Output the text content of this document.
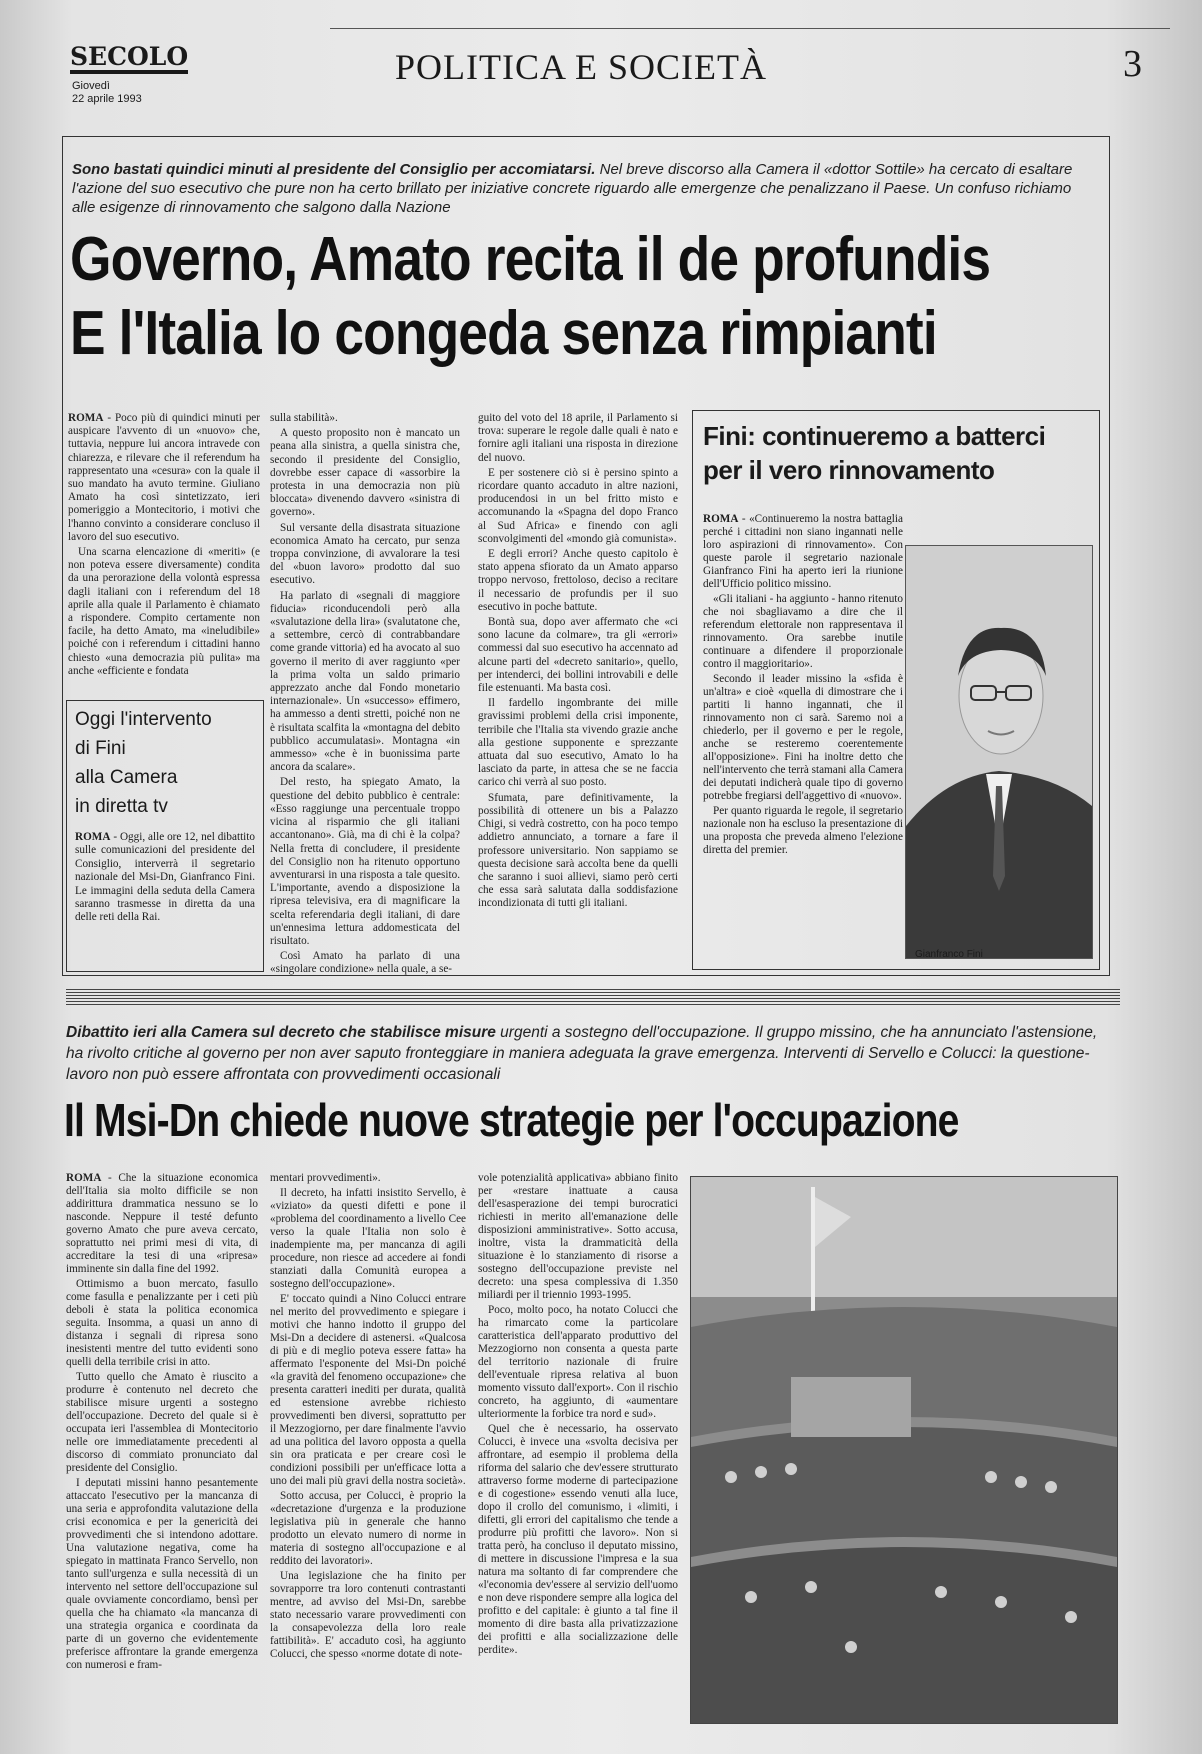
SECOLO
Giovedì
22 aprile 1993
POLITICA E SOCIETÀ	3
Sono bastati quindici minuti al presidente del Consiglio per accomiatarsi. Nel breve discorso alla Camera il «dottor Sottile» ha cercato di esaltare l'azione del suo esecutivo che pure non ha certo brillato per iniziative concrete riguardo alle emergenze che penalizzano il Paese. Un confuso richiamo alle esigenze di rinnovamento che salgono dalla Nazione
Governo, Amato recita il de profundis
E l'Italia lo congeda senza rimpianti

ROMA - Poco più di quindici minuti per auspicare l'avvento di un «nuovo» che, tuttavia, neppure lui ancora intravede con chiarezza, e rilevare che il referendum ha rappresentato una «cesura» con la quale il suo mandato ha avuto termine. Giuliano Amato ha così sintetizzato, ieri pomeriggio a Montecitorio, i motivi che l'hanno convinto a considerare concluso il lavoro del suo esecutivo.

Una scarna elencazione di «meriti» (e non poteva essere diversamente) condita da una perorazione della volontà espressa dagli italiani con i referendum del 18 aprile alla quale il Parlamento è chiamato a rispondere. Compito certamente non facile, ha detto Amato, ma «ineludibile» poiché con i referendum i cittadini hanno chiesto «una democrazia più pulita» ma anche «efficiente e fondata

Oggi l'intervento
di Fini
alla Camera
in diretta tv
ROMA - Oggi, alle ore 12, nel dibattito sulle comunicazioni del presidente del Consiglio, interverrà il segretario nazionale del Msi-Dn, Gianfranco Fini. Le immagini della seduta della Camera saranno trasmesse in diretta da una delle reti della Rai.

sulla stabilità».

A questo proposito non è mancato un peana alla sinistra, a quella sinistra che, secondo il presidente del Consiglio, dovrebbe esser capace di «assorbire la protesta in una democrazia non più bloccata» divenendo davvero «sinistra di governo».

Sul versante della disastrata situazione economica Amato ha cercato, pur senza troppa convinzione, di avvalorare la tesi del «buon lavoro» prodotto dal suo esecutivo.

Ha parlato di «segnali di maggiore fiducia» riconducendoli però alla «svalutazione della lira» (svalutatone che, a settembre, cercò di contrabbandare come grande vittoria) ed ha avocato al suo governo il merito di aver raggiunto «per la prima volta un saldo primario apprezzato anche dal Fondo monetario internazionale». Un «successo» effimero, ha ammesso a denti stretti, poiché non ne è risultata scalfita la «montagna del debito pubblico accumulatasi». Montagna «in ammesso» «che è in buonissima parte ancora da scalare».

Del resto, ha spiegato Amato, la questione del debito pubblico è centrale: «Esso raggiunge una percentuale troppo vicina al risparmio che gli italiani accantonano». Già, ma di chi è la colpa? Nella fretta di concludere, il presidente del Consiglio non ha ritenuto opportuno avventurarsi in una risposta a tale quesito. L'importante, avendo a disposizione la ripresa televisiva, era di magnificare la scelta referendaria degli italiani, di dare un'ennesima lettura addomesticata del risultato.

Così Amato ha parlato di una «singolare condizione» nella quale, a se-

guito del voto del 18 aprile, il Parlamento si trova: superare le regole dalle quali è nato e fornire agli italiani una risposta in direzione del nuovo.

E per sostenere ciò si è persino spinto a ricordare quanto accaduto in altre nazioni, producendosi in un bel fritto misto e accomunando la «Spagna del dopo Franco al Sud Africa» e finendo con agli sconvolgimenti del «mondo già comunista».

E degli errori? Anche questo capitolo è stato appena sfiorato da un Amato apparso troppo nervoso, frettoloso, deciso a recitare il necessario de profundis per il suo esecutivo in poche battute.

Bontà sua, dopo aver affermato che «ci sono lacune da colmare», tra gli «errori» commessi dal suo esecutivo ha accennato ad alcune parti del «decreto sanitario», quello, per intenderci, dei bollini introvabili e delle file estenuanti. Ma basta così.

Il fardello ingombrante dei mille gravissimi problemi della crisi imponente, terribile che l'Italia sta vivendo grazie anche alla gestione supponente e sprezzante attuata dal suo esecutivo, Amato lo ha lasciato da parte, in attesa che se ne faccia carico chi verrà al suo posto.

Sfumata, pare definitivamente, la possibilità di ottenere un bis a Palazzo Chigi, si vedrà costretto, con ha poco tempo addietro annunciato, a tornare a fare il professore universitario. Non sappiamo se questa decisione sarà accolta bene da quelli che saranno i suoi allievi, siamo però certi che essa sarà salutata dalla soddisfazione incondizionata di tutti gli italiani.

Fini: continueremo a batterci
per il vero rinnovamento

ROMA - «Continueremo la nostra battaglia perché i cittadini non siano ingannati nelle loro aspirazioni di rinnovamento». Con queste parole il segretario nazionale Gianfranco Fini ha aperto ieri la riunione dell'Ufficio politico missino.

«Gli italiani - ha aggiunto - hanno ritenuto che noi sbagliavamo a dire che il referendum elettorale non rappresentava il rinnovamento. Ora sarebbe inutile continuare a difendere il proporzionale contro il maggioritario».

Secondo il leader missino la «sfida è un'altra» e cioè «quella di dimostrare che i partiti li hanno ingannati, che il rinnovamento non ci sarà. Saremo noi a chiederlo, per il governo e per le regole, anche se resteremo coerentemente all'opposizione». Fini ha inoltre detto che nell'intervento che terrà stamani alla Camera dei deputati indicherà quale tipo di governo potrebbe fregiarsi dell'aggettivo di «nuovo».

Per quanto riguarda le regole, il segretario nazionale non ha escluso la presentazione di una proposta che preveda almeno l'elezione diretta del premier.

Gianfranco Fini
Dibattito ieri alla Camera sul decreto che stabilisce misure urgenti a sostegno dell'occupazione. Il gruppo missino, che ha annunciato l'astensione, ha rivolto critiche al governo per non aver saputo fronteggiare in maniera adeguata la grave emergenza. Interventi di Servello e Colucci: la questione-lavoro non può essere affrontata con provvedimenti occasionali
Il Msi-Dn chiede nuove strategie per l'occupazione

ROMA - Che la situazione economica dell'Italia sia molto difficile se non addirittura drammatica nessuno se lo nasconde. Neppure il testé defunto governo Amato che pure aveva cercato, soprattutto nei primi mesi di vita, di accreditare la tesi di una «ripresa» imminente sin dalla fine del 1992.

Ottimismo a buon mercato, fasullo come fasulla e penalizzante per i ceti più deboli è stata la politica economica seguita. Insomma, a quasi un anno di distanza i segnali di ripresa sono inesistenti mentre del tutto evidenti sono quelli della terribile crisi in atto.

Tutto quello che Amato è riuscito a produrre è contenuto nel decreto che stabilisce misure urgenti a sostegno dell'occupazione. Decreto del quale si è occupata ieri l'assemblea di Montecitorio nelle ore immediatamente precedenti al discorso di commiato pronunciato dal presidente del Consiglio.

I deputati missini hanno pesantemente attaccato l'esecutivo per la mancanza di una seria e approfondita valutazione della crisi economica e per la genericità dei provvedimenti che si intendono adottare. Una valutazione negativa, come ha spiegato in mattinata Franco Servello, non tanto sull'urgenza e sulla necessità di un intervento nel settore dell'occupazione sul quale ovviamente concordiamo, bensì per quella che ha chiamato «la mancanza di una strategia organica e coordinata da parte di un governo che evidentemente preferisce affrontare la grande emergenza con numerosi e fram-

mentari provvedimenti».

Il decreto, ha infatti insistito Servello, è «viziato» da questi difetti e pone il «problema del coordinamento a livello Cee verso la quale l'Italia non solo è inadempiente ma, per mancanza di agili procedure, non riesce ad accedere ai fondi stanziati dalla Comunità europea a sostegno dell'occupazione».

E' toccato quindi a Nino Colucci entrare nel merito del provvedimento e spiegare i motivi che hanno indotto il gruppo del Msi-Dn a decidere di astenersi. «Qualcosa di più e di meglio poteva essere fatta» ha affermato l'esponente del Msi-Dn poiché «la gravità del fenomeno occupazione» che presenta caratteri inediti per durata, qualità ed estensione avrebbe richiesto provvedimenti ben diversi, soprattutto per il Mezzogiorno, per dare finalmente l'avvio ad una politica del lavoro opposta a quella sin ora praticata e per creare così le condizioni possibili per un'efficace lotta a uno dei mali più gravi della nostra società».

Sotto accusa, per Colucci, è proprio la «decretazione d'urgenza e la produzione legislativa più in generale che hanno prodotto un elevato numero di norme in materia di sostegno all'occupazione e al reddito dei lavoratori».

Una legislazione che ha finito per sovrapporre tra loro contenuti contrastanti mentre, ad avviso del Msi-Dn, sarebbe stato necessario varare provvedimenti con la consapevolezza della loro reale fattibilità». E' accaduto così, ha aggiunto Colucci, che spesso «norme dotate di note-

vole potenzialità applicativa» abbiano finito per «restare inattuate a causa dell'esasperazione dei tempi burocratici richiesti in merito all'emanazione delle disposizioni amministrative». Sotto accusa, inoltre, vista la drammaticità della situazione è lo stanziamento di risorse a sostegno dell'occupazione previste nel decreto: una spesa complessiva di 1.350 miliardi per il triennio 1993-1995.

Poco, molto poco, ha notato Colucci che ha rimarcato come la particolare caratteristica dell'apparato produttivo del Mezzogiorno non consenta a questa parte del territorio nazionale di fruire dell'eventuale ripresa relativa al buon momento vissuto dall'export». Con il rischio concreto, ha aggiunto, di «aumentare ulteriormente la forbice tra nord e sud».

Quel che è necessario, ha osservato Colucci, è invece una «svolta decisiva per affrontare, ad esempio il problema della riforma del salario che dev'essere strutturato attraverso forme moderne di partecipazione e di cogestione» essendo venuti alla luce, dopo il crollo del comunismo, i «limiti, i difetti, gli errori del capitalismo che tende a produrre più profitti che lavoro». Non si tratta però, ha concluso il deputato missino, di mettere in discussione l'impresa e la sua natura ma soltanto di far comprendere che «l'economia dev'essere al servizio dell'uomo e non deve rispondere sempre alla logica del profitto e del capitale: è giunto a tal fine il momento di dire basta alla privatizzazione dei profitti e alla socializzazione delle perdite».
